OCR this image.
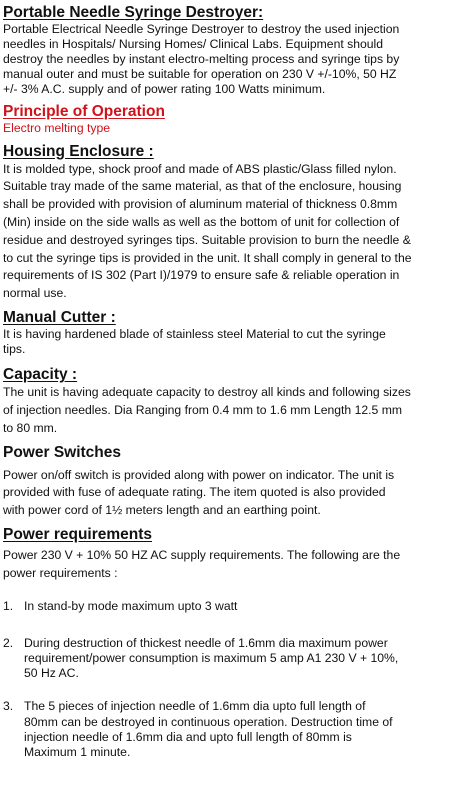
Portable Needle Syringe Destroyer:

Portable Electrical Needle Syringe Destroyer to destroy the used injection

needles in Hospitals/ Nursing Homes/ Clinical Labs. Equipment should

destroy the needles by instant electro-melting process and syringe tips by

manual outer and must be suitable for operation on 230 V +/-10%, 50 HZ

+/- 3% A.C. supply and of power rating 100 Watts minimum.

Principle of Operation

Electro melting type

Housing Enclosure :

It is molded type, shock proof and made of ABS plastic/Glass filled nylon.

Suitable tray made of the same material, as that of the enclosure, housing

shall be provided with provision of aluminum material of thickness 0.8mm

(Min) inside on the side walls as well as the bottom of unit for collection of

residue and destroyed syringes tips. Suitable provision to burn the needle &

to cut the syringe tips is provided in the unit. It shall comply in general to the

requirements of IS 302 (Part I)/1979 to ensure safe & reliable operation in

normal use.

Manual Cutter :

It is having hardened blade of stainless steel Material to cut the syringe

tips.

Capacity :

The unit is having adequate capacity to destroy all kinds and following sizes

of injection needles. Dia Ranging from 0.4 mm to 1.6 mm Length 12.5 mm

to 80 mm.

Power Switches

Power on/off switch is provided along with power on indicator. The unit is

provided with fuse of adequate rating. The item quoted is also provided

with power cord of 1½ meters length and an earthing point.

Power requirements

Power 230 V + 10% 50 HZ AC supply requirements. The following are the

power requirements :

1. In stand-by mode maximum upto 3 watt
2. During destruction of thickest needle of 1.6mm dia maximum power
requirement/power consumption is maximum 5 amp A1 230 V + 10%,
50 Hz AC.
3. The 5 pieces of injection needle of 1.6mm dia upto full length of
80mm can be destroyed in continuous operation. Destruction time of
injection needle of 1.6mm dia and upto full length of 80mm is
Maximum 1 minute.
